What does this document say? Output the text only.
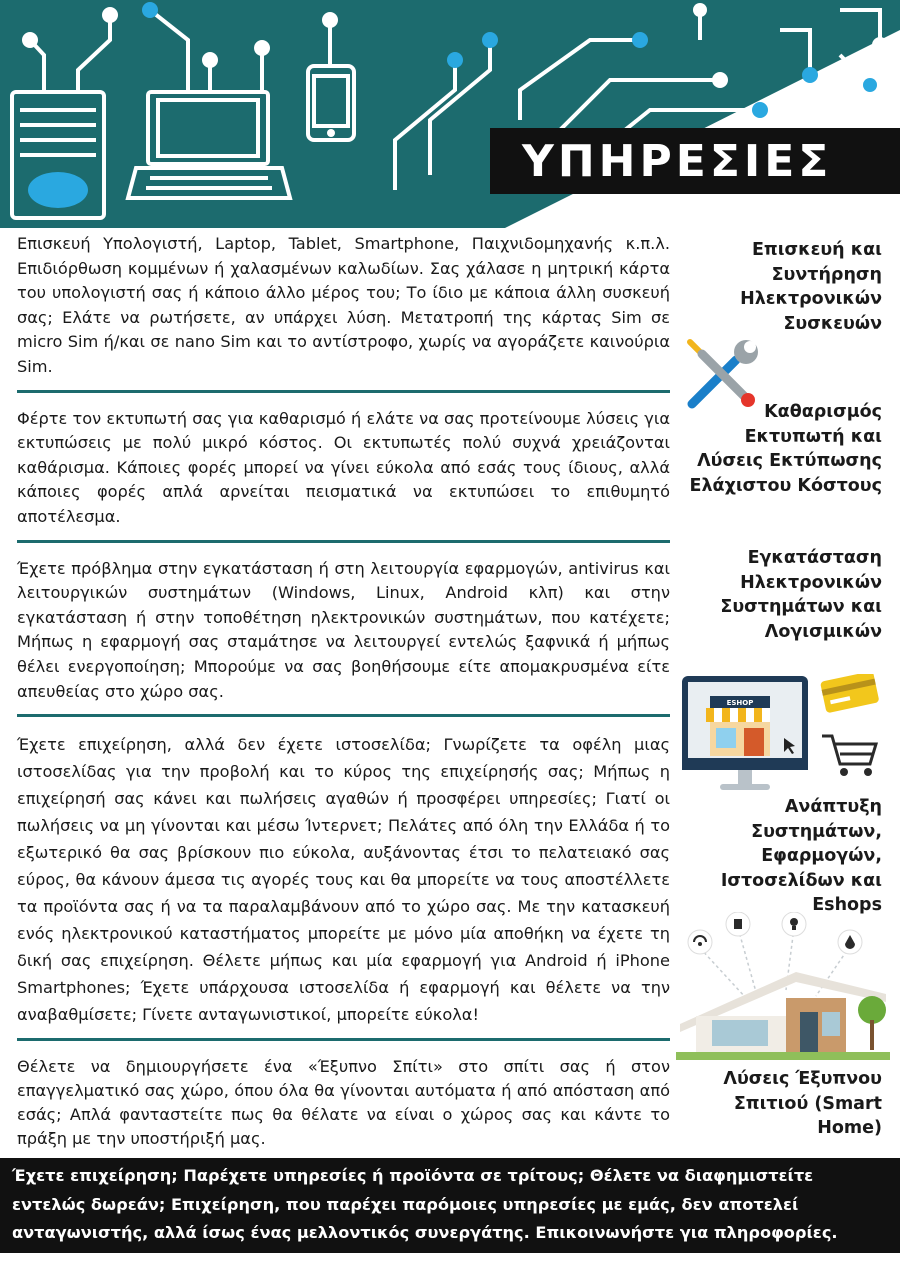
ΥΠΗΡΕΣΙΕΣ

Επισκευή Υπολογιστή, Laptop, Tablet, Smartphone, Παιχνιδομηχανής κ.π.λ. Επιδιόρθωση κομμένων ή χαλασμένων καλωδίων. Σας χάλασε η μητρική κάρτα του υπολογιστή σας ή κάποιο άλλο μέρος του; Το ίδιο με κάποια άλλη συσκευή σας; Ελάτε να ρωτήσετε, αν υπάρχει λύση. Μετατροπή της κάρτας Sim σε micro Sim ή/και σε nano Sim και το αντίστροφο, χωρίς να αγοράζετε καινούρια Sim.

Φέρτε τον εκτυπωτή σας για καθαρισμό ή ελάτε να σας προτείνουμε λύσεις για εκτυπώσεις με πολύ μικρό κόστος. Οι εκτυπωτές πολύ συχνά χρειάζονται καθάρισμα. Κάποιες φορές μπορεί να γίνει εύκολα από εσάς τους ίδιους, αλλά κάποιες φορές απλά αρνείται πεισματικά να εκτυπώσει το επιθυμητό αποτέλεσμα.

Έχετε πρόβλημα στην εγκατάσταση ή στη λειτουργία εφαρμογών, antivirus και λειτουργικών συστημάτων (Windows, Linux, Android κλπ) και στην εγκατάσταση ή στην τοποθέτηση ηλεκτρονικών συστημάτων, που κατέχετε; Μήπως η εφαρμογή σας σταμάτησε να λειτουργεί εντελώς ξαφνικά ή μήπως θέλει ενεργοποίηση; Μπορούμε να σας βοηθήσουμε είτε απομακρυσμένα είτε απευθείας στο χώρο σας.

Έχετε επιχείρηση, αλλά δεν έχετε ιστοσελίδα; Γνωρίζετε τα οφέλη μιας ιστοσελίδας για την προβολή και το κύρος της επιχείρησής σας; Μήπως η επιχείρησή σας κάνει και πωλήσεις αγαθών ή προσφέρει υπηρεσίες; Γιατί οι πωλήσεις να μη γίνονται και μέσω Ίντερνετ; Πελάτες από όλη την Ελλάδα ή το εξωτερικό θα σας βρίσκουν πιο εύκολα, αυξάνοντας έτσι το πελατειακό σας εύρος, θα κάνουν άμεσα τις αγορές τους και θα μπορείτε να τους αποστέλλετε τα προϊόντα σας ή να τα παραλαμβάνουν από το χώρο σας. Με την κατασκευή ενός ηλεκτρονικού καταστήματος μπορείτε με μόνο μία αποθήκη να έχετε τη δική σας επιχείρηση. Θέλετε μήπως και μία εφαρμογή για Android ή iPhone Smartphones; Έχετε υπάρχουσα ιστοσελίδα ή εφαρμογή και θέλετε να την αναβαθμίσετε; Γίνετε ανταγωνιστικοί, μπορείτε εύκολα!

Θέλετε να δημιουργήσετε ένα «Έξυπνο Σπίτι» στο σπίτι σας ή στον επαγγελματικό σας χώρο, όπου όλα θα γίνονται αυτόματα ή από απόσταση από εσάς; Απλά φανταστείτε πως θα θέλατε να είναι ο χώρος σας και κάντε το πράξη με την υποστήριξή μας.

Επισκευή και Συντήρηση Ηλεκτρονικών Συσκευών
Καθαρισμός Εκτυπωτή και Λύσεις Εκτύπωσης Ελάχιστου Κόστους
Εγκατάσταση Ηλεκτρονικών Συστημάτων και Λογισμικών
Ανάπτυξη Συστημάτων, Εφαρμογών, Ιστοσελίδων και Eshops
Λύσεις Έξυπνου Σπιτιού (Smart Home)
ESHOP
Έχετε επιχείρηση; Παρέχετε υπηρεσίες ή προϊόντα σε τρίτους; Θέλετε να διαφημιστείτε εντελώς δωρεάν; Επιχείρηση, που παρέχει παρόμοιες υπηρεσίες με εμάς, δεν αποτελεί ανταγωνιστής, αλλά ίσως ένας μελλοντικός συνεργάτης. Επικοινωνήστε για πληροφορίες.
